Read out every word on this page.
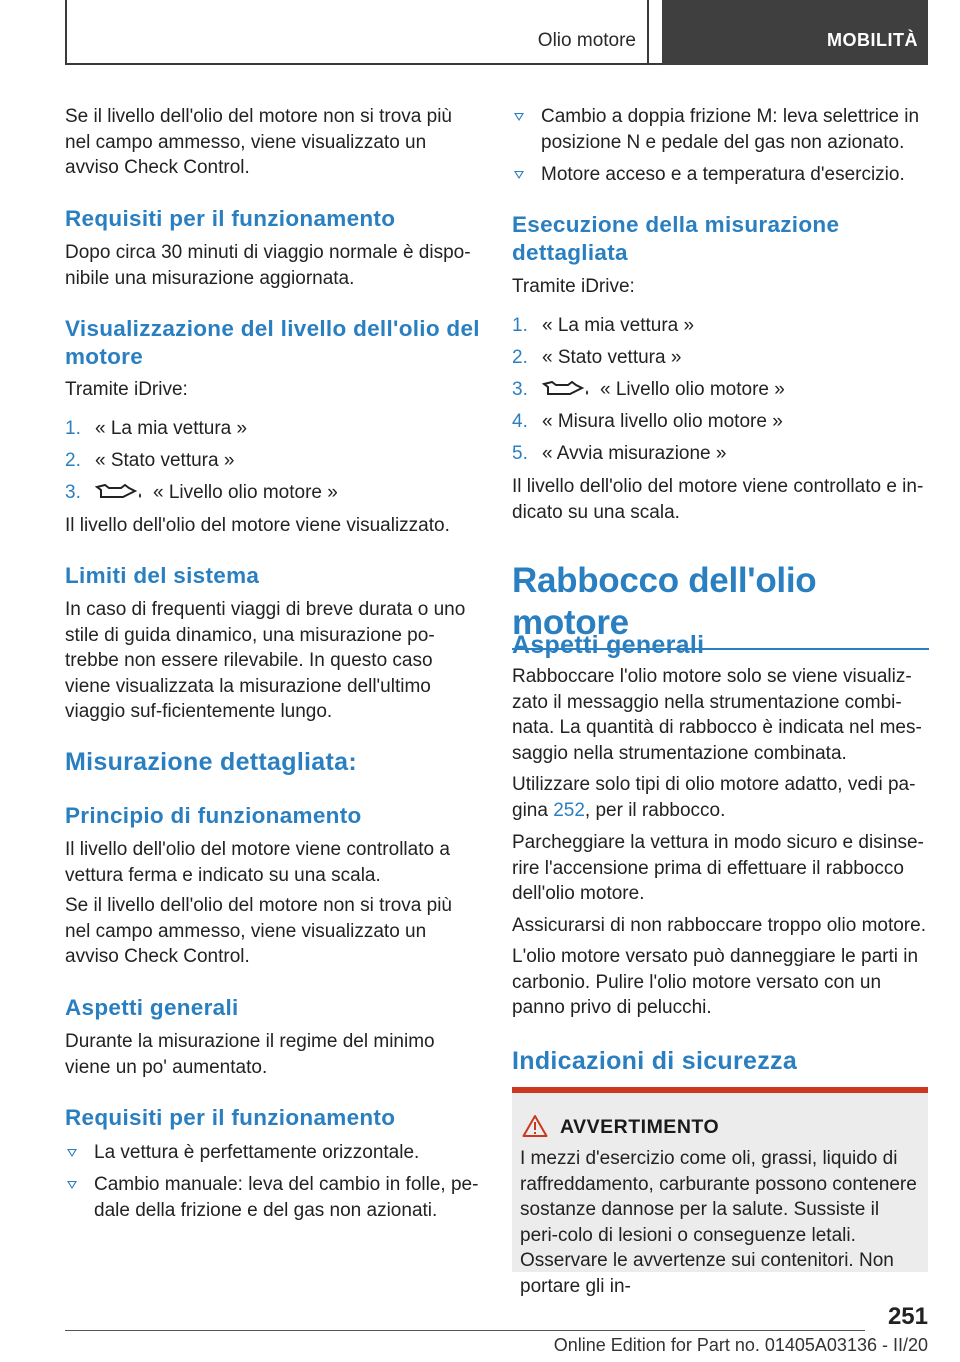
Olio motore	MOBILITÀ

Se il livello dell'olio del motore non si trova più nel campo ammesso, viene visualizzato un avviso Check Control.

Requisiti per il funzionamento

Dopo circa 30 minuti di viaggio normale è dispo-nibile una misurazione aggiornata.

Visualizzazione del livello dell'olio del motore

Tramite iDrive:

1. « La mia vettura »
2. « Stato vettura »
3.	« Livello olio motore »

Il livello dell'olio del motore viene visualizzato.

Limiti del sistema

In caso di frequenti viaggi di breve durata o uno stile di guida dinamico, una misurazione po-trebbe non essere rilevabile. In questo caso viene visualizzata la misurazione dell'ultimo viaggio suf-ficientemente lungo.

Misurazione dettagliata:
Principio di funzionamento

Il livello dell'olio del motore viene controllato a vettura ferma e indicato su una scala.

Se il livello dell'olio del motore non si trova più nel campo ammesso, viene visualizzato un avviso Check Control.

Aspetti generali

Durante la misurazione il regime del minimo viene un po' aumentato.

Requisiti per il funzionamento
La vettura è perfettamente orizzontale.
Cambio manuale: leva del cambio in folle, pe-dale della frizione e del gas non azionati.
Cambio a doppia frizione M: leva selettrice in posizione N e pedale del gas non azionato.
Motore acceso e a temperatura d'esercizio.
Esecuzione della misurazione dettagliata

Tramite iDrive:

1. « La mia vettura »
2. « Stato vettura »
3.	« Livello olio motore »
4. « Misura livello olio motore »
5. « Avvia misurazione »

Il livello dell'olio del motore viene controllato e in-dicato su una scala.

Rabbocco dell'olio motore
Aspetti generali

Rabboccare l'olio motore solo se viene visualiz-zato il messaggio nella strumentazione combi-nata. La quantità di rabbocco è indicata nel mes-saggio nella strumentazione combinata.

Utilizzare solo tipi di olio motore adatto, vedi pa-gina 252, per il rabbocco.

Parcheggiare la vettura in modo sicuro e disinse-rire l'accensione prima di effettuare il rabbocco dell'olio motore.

Assicurarsi di non rabboccare troppo olio motore.

L'olio motore versato può danneggiare le parti in carbonio. Pulire l'olio motore versato con un panno privo di pelucchi.

Indicazioni di sicurezza
AVVERTIMENTO

I mezzi d'esercizio come oli, grassi, liquido di raffreddamento, carburante possono contenere sostanze dannose per la salute. Sussiste il peri-colo di lesioni o conseguenze letali. Osservare le avvertenze sui contenitori. Non portare gli in-

251
Online Edition for Part no. 01405A03136 - II/20
